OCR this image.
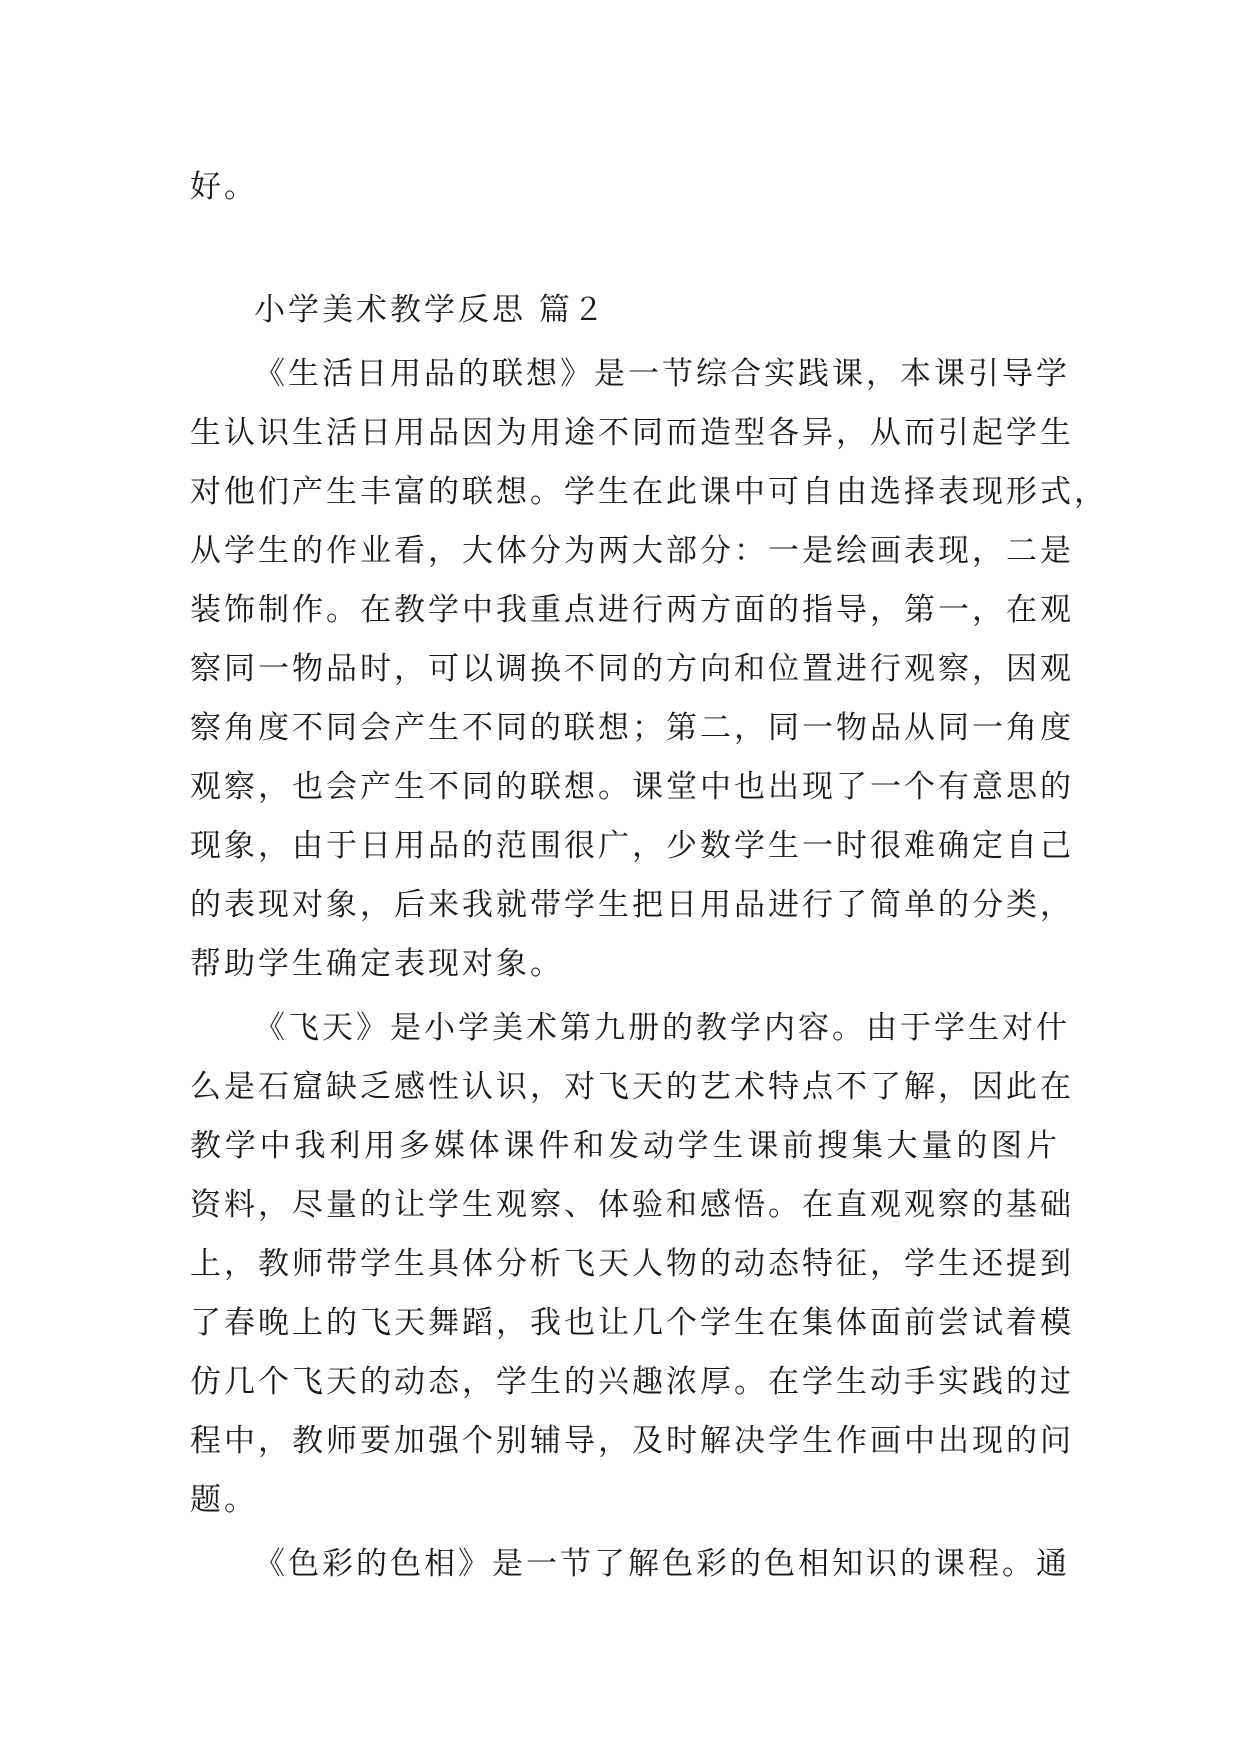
好。

小学美术教学反思 篇２

《生活日用品的联想》是一节综合实践课，本课引导学

生认识生活日用品因为用途不同而造型各异，从而引起学生

对他们产生丰富的联想。学生在此课中可自由选择表现形式，

从学生的作业看，大体分为两大部分：一是绘画表现，二是

装饰制作。在教学中我重点进行两方面的指导，第一，在观

察同一物品时，可以调换不同的方向和位置进行观察，因观

察角度不同会产生不同的联想；第二，同一物品从同一角度

观察，也会产生不同的联想。课堂中也出现了一个有意思的

现象，由于日用品的范围很广，少数学生一时很难确定自己

的表现对象，后来我就带学生把日用品进行了简单的分类，

帮助学生确定表现对象。

《飞天》是小学美术第九册的教学内容。由于学生对什

么是石窟缺乏感性认识，对飞天的艺术特点不了解，因此在

教学中我利用多媒体课件和发动学生课前搜集大量的图片

资料，尽量的让学生观察、体验和感悟。在直观观察的基础

上，教师带学生具体分析飞天人物的动态特征，学生还提到

了春晚上的飞天舞蹈，我也让几个学生在集体面前尝试着模

仿几个飞天的动态，学生的兴趣浓厚。在学生动手实践的过

程中，教师要加强个别辅导，及时解决学生作画中出现的问

题。

《色彩的色相》是一节了解色彩的色相知识的课程。通
